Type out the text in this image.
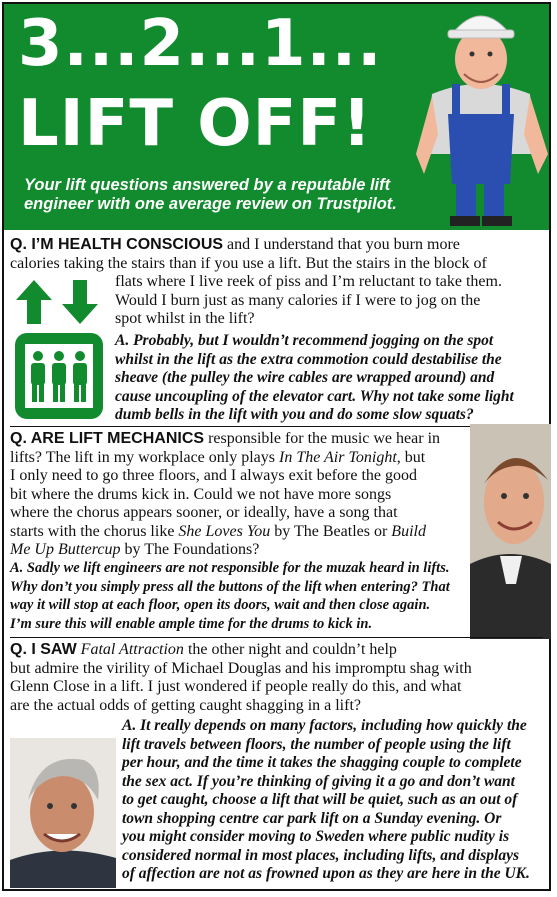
3...2...1...
LIFT OFF!

Your lift questions answered by a reputable lift engineer with one average review on Trustpilot.

Q. I’M HEALTH CONSCIOUS and I understand that you burn more

calories taking the stairs than if you use a lift. But the stairs in the block of

flats where I live reek of piss and I’m reluctant to take them.

Would I burn just as many calories if I were to jog on the

spot whilst in the lift?

A. Probably, but I wouldn’t recommend jogging on the spot

whilst in the lift as the extra commotion could destabilise the

sheave (the pulley the wire cables are wrapped around) and

cause uncoupling of the elevator cart. Why not take some light

dumb bells in the lift with you and do some slow squats?

Q. ARE LIFT MECHANICS responsible for the music we hear in

lifts? The lift in my workplace only plays In The Air Tonight, but

I only need to go three floors, and I always exit before the good

bit where the drums kick in. Could we not have more songs

where the chorus appears sooner, or ideally, have a song that

starts with the chorus like She Loves You by The Beatles or Build

Me Up Buttercup by The Foundations?

A. Sadly we lift engineers are not responsible for the muzak heard in lifts.

Why don’t you simply press all the buttons of the lift when entering? That

way it will stop at each floor, open its doors, wait and then close again.

I’m sure this will enable ample time for the drums to kick in.

Q. I SAW Fatal Attraction the other night and couldn’t help

but admire the virility of Michael Douglas and his impromptu shag with

Glenn Close in a lift. I just wondered if people really do this, and what

are the actual odds of getting caught shagging in a lift?

A. It really depends on many factors, including how quickly the

lift travels between floors, the number of people using the lift

per hour, and the time it takes the shagging couple to complete

the sex act. If you’re thinking of giving it a go and don’t want

to get caught, choose a lift that will be quiet, such as an out of

town shopping centre car park lift on a Sunday evening. Or

you might consider moving to Sweden where public nudity is

considered normal in most places, including lifts, and displays

of affection are not as frowned upon as they are here in the UK.
